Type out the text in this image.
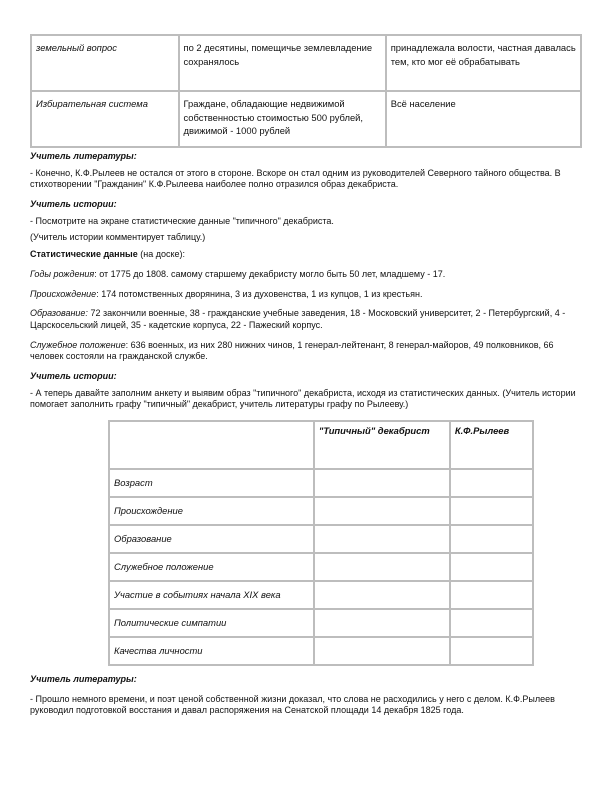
земельный вопрос	по 2 десятины, помещичье землевладение сохранялось	принадлежала волости, частная давалась тем, кто мог её обрабатывать
Избирательная система	Граждане, обладающие недвижимой собственностью стоимостью 500 рублей, движимой - 1000 рублей	Всё население

Учитель литературы:

- Конечно, К.Ф.Рылеев не остался от этого в стороне. Вскоре он стал одним из руководителей Северного тайного общества. В стихотворении "Гражданин" К.Ф.Рылеева наиболее полно отразился образ декабриста.

Учитель истории:

- Посмотрите на экране статистические данные "типичного" декабриста.

(Учитель истории комментирует таблицу.)

Статистические данные (на доске):

Годы рождения: от 1775 до 1808. самому старшему декабристу могло быть 50 лет, младшему - 17.

Происхождение: 174 потомственных дворянина, 3 из духовенства, 1 из купцов, 1 из крестьян.

Образование: 72 закончили военные, 38 - гражданские учебные заведения, 18 - Московский университет, 2 - Петербургский, 4 - Царскосельский лицей, 35 - кадетские корпуса, 22 - Пажеский корпус.

Служебное положение: 636 военных, из них 280 нижних чинов, 1 генерал-лейтенант, 8 генерал-майоров, 49 полковников, 66 человек состояли на гражданской службе.

Учитель истории:

- А теперь давайте заполним анкету и выявим образ "типичного" декабриста, исходя из статистических данных. (Учитель истории помогает заполнить графу "типичный" декабрист, учитель литературы графу по Рылееву.)

	"Типичный" декабрист	К.Ф.Рылеев
Возраст		
Происхождение		
Образование		
Служебное положение		
Участие в событиях начала XIX века		
Политические симпатии		
Качества личности		

Учитель литературы:

- Прошло немного времени, и поэт ценой собственной жизни доказал, что слова не расходились у него с делом. К.Ф.Рылеев руководил подготовкой восстания и давал распоряжения на Сенатской площади 14 декабря 1825 года.
